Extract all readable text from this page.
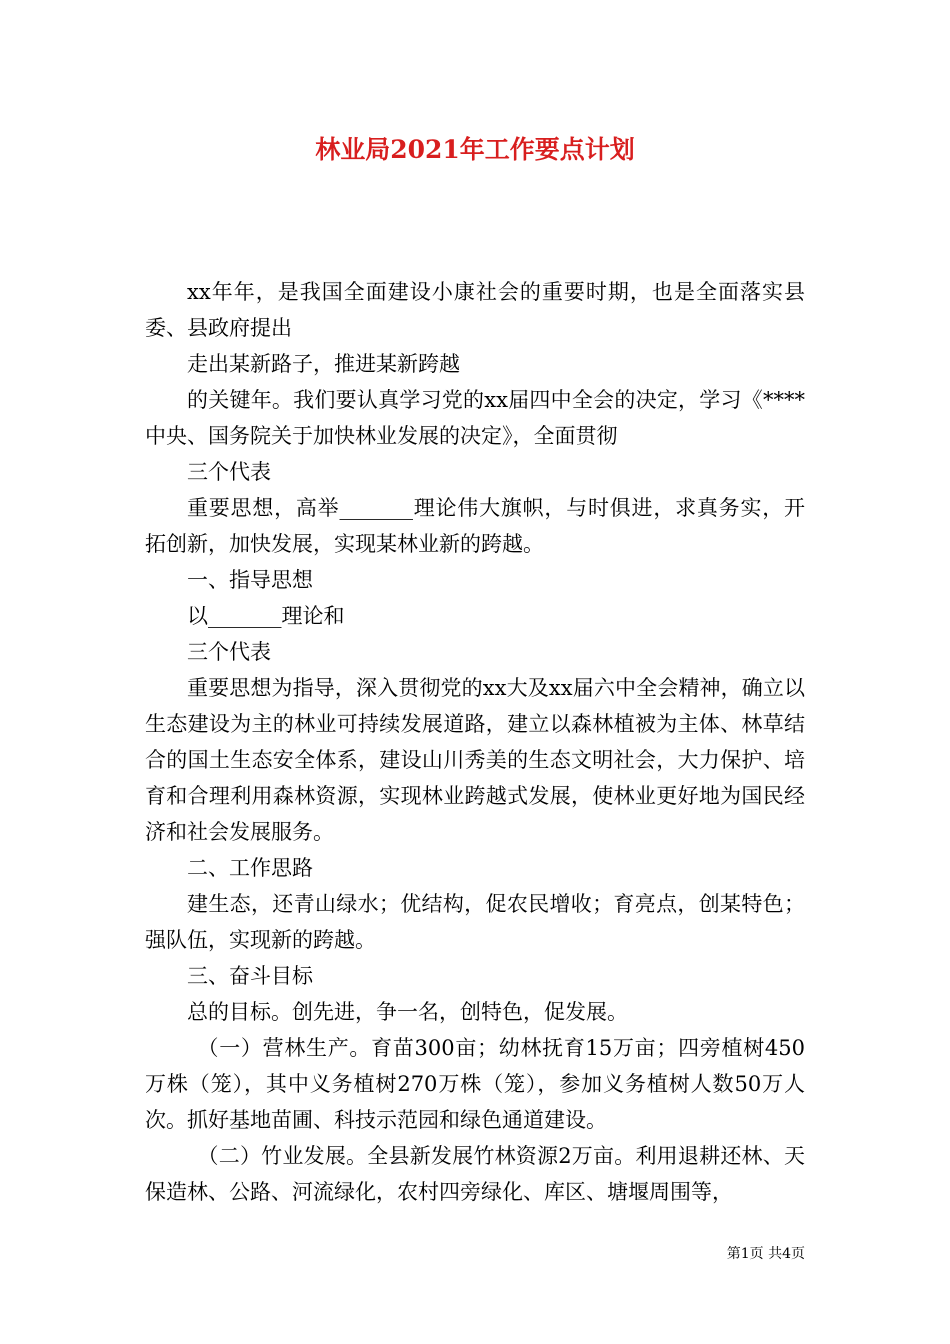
林业局2021年工作要点计划

xx年年，是我国全面建设小康社会的重要时期，也是全面落实县委、县政府提出

走出某新路子，推进某新跨越

的关键年。我们要认真学习党的xx届四中全会的决定，学习《****中央、国务院关于加快林业发展的决定》，全面贯彻

三个代表

重要思想，高举_______理论伟大旗帜，与时俱进，求真务实，开拓创新，加快发展，实现某林业新的跨越。

一、指导思想

以_______理论和

三个代表

重要思想为指导，深入贯彻党的xx大及xx届六中全会精神，确立以生态建设为主的林业可持续发展道路，建立以森林植被为主体、林草结合的国土生态安全体系，建设山川秀美的生态文明社会，大力保护、培育和合理利用森林资源，实现林业跨越式发展，使林业更好地为国民经济和社会发展服务。

二、工作思路

建生态，还青山绿水；优结构，促农民增收；育亮点，创某特色；强队伍，实现新的跨越。

三、奋斗目标

总的目标。创先进，争一名，创特色，促发展。

（一）营林生产。育苗300亩；幼林抚育15万亩；四旁植树450万株（笼），其中义务植树270万株（笼），参加义务植树人数50万人次。抓好基地苗圃、科技示范园和绿色通道建设。

（二）竹业发展。全县新发展竹林资源2万亩。利用退耕还林、天保造林、公路、河流绿化，农村四旁绿化、库区、塘堰周围等，

第1页 共4页
